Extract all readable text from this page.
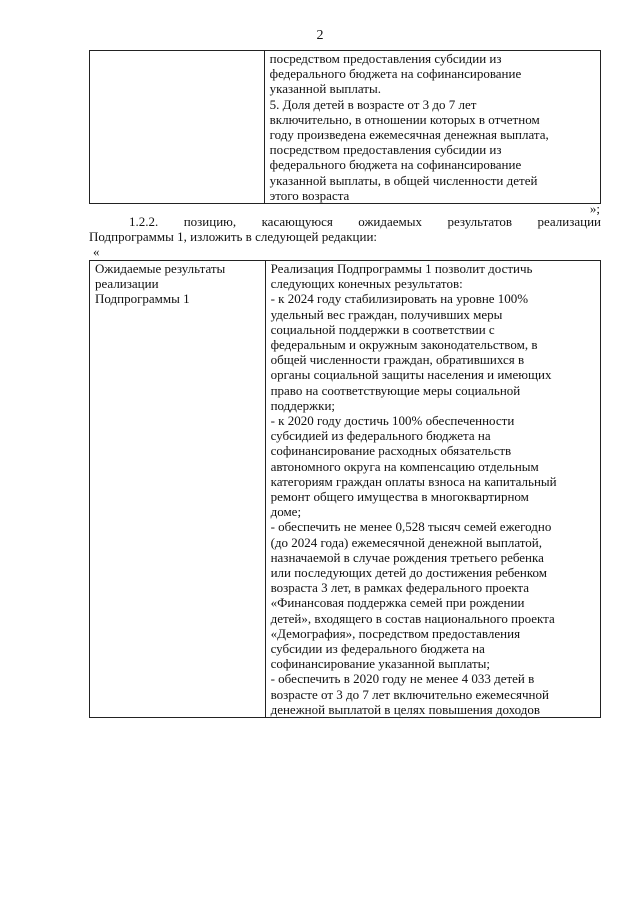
2

посредством предоставления субсидии из
федерального бюджета на софинансирование
указанной выплаты.
5. Доля детей в возрасте от 3 до 7 лет
включительно, в отношении которых в отчетном
году произведена ежемесячная денежная выплата,
посредством предоставления субсидии из
федерального бюджета на софинансирование
указанной выплаты, в общей численности детей
этого возраста
»;
1.2.2. позицию, касающуюся ожидаемых результатов реализации
Подпрограммы 1, изложить в следующей редакции:
«
Ожидаемые результаты
реализации
Подпрограммы 1

Реализация Подпрограммы 1 позволит достичь
следующих конечных результатов:
- к 2024 году стабилизировать на уровне 100%
удельный вес граждан, получивших меры
социальной поддержки в соответствии с
федеральным и окружным законодательством, в
общей численности граждан, обратившихся в
органы социальной защиты населения и имеющих
право на соответствующие меры социальной
поддержки;
- к 2020 году достичь 100% обеспеченности
субсидией из федерального бюджета на
софинансирование расходных обязательств
автономного округа на компенсацию отдельным
категориям граждан оплаты взноса на капитальный
ремонт общего имущества в многоквартирном
доме;
- обеспечить не менее 0,528 тысяч семей ежегодно
(до 2024 года) ежемесячной денежной выплатой,
назначаемой в случае рождения третьего ребенка
или последующих детей до достижения ребенком
возраста 3 лет, в рамках федерального проекта
«Финансовая поддержка семей при рождении
детей», входящего в состав национального проекта
«Демография», посредством предоставления
субсидии из федерального бюджета на
софинансирование указанной выплаты;
- обеспечить в 2020 году не менее 4 033 детей в
возрасте от 3 до 7 лет включительно ежемесячной
денежной выплатой в целях повышения доходов
